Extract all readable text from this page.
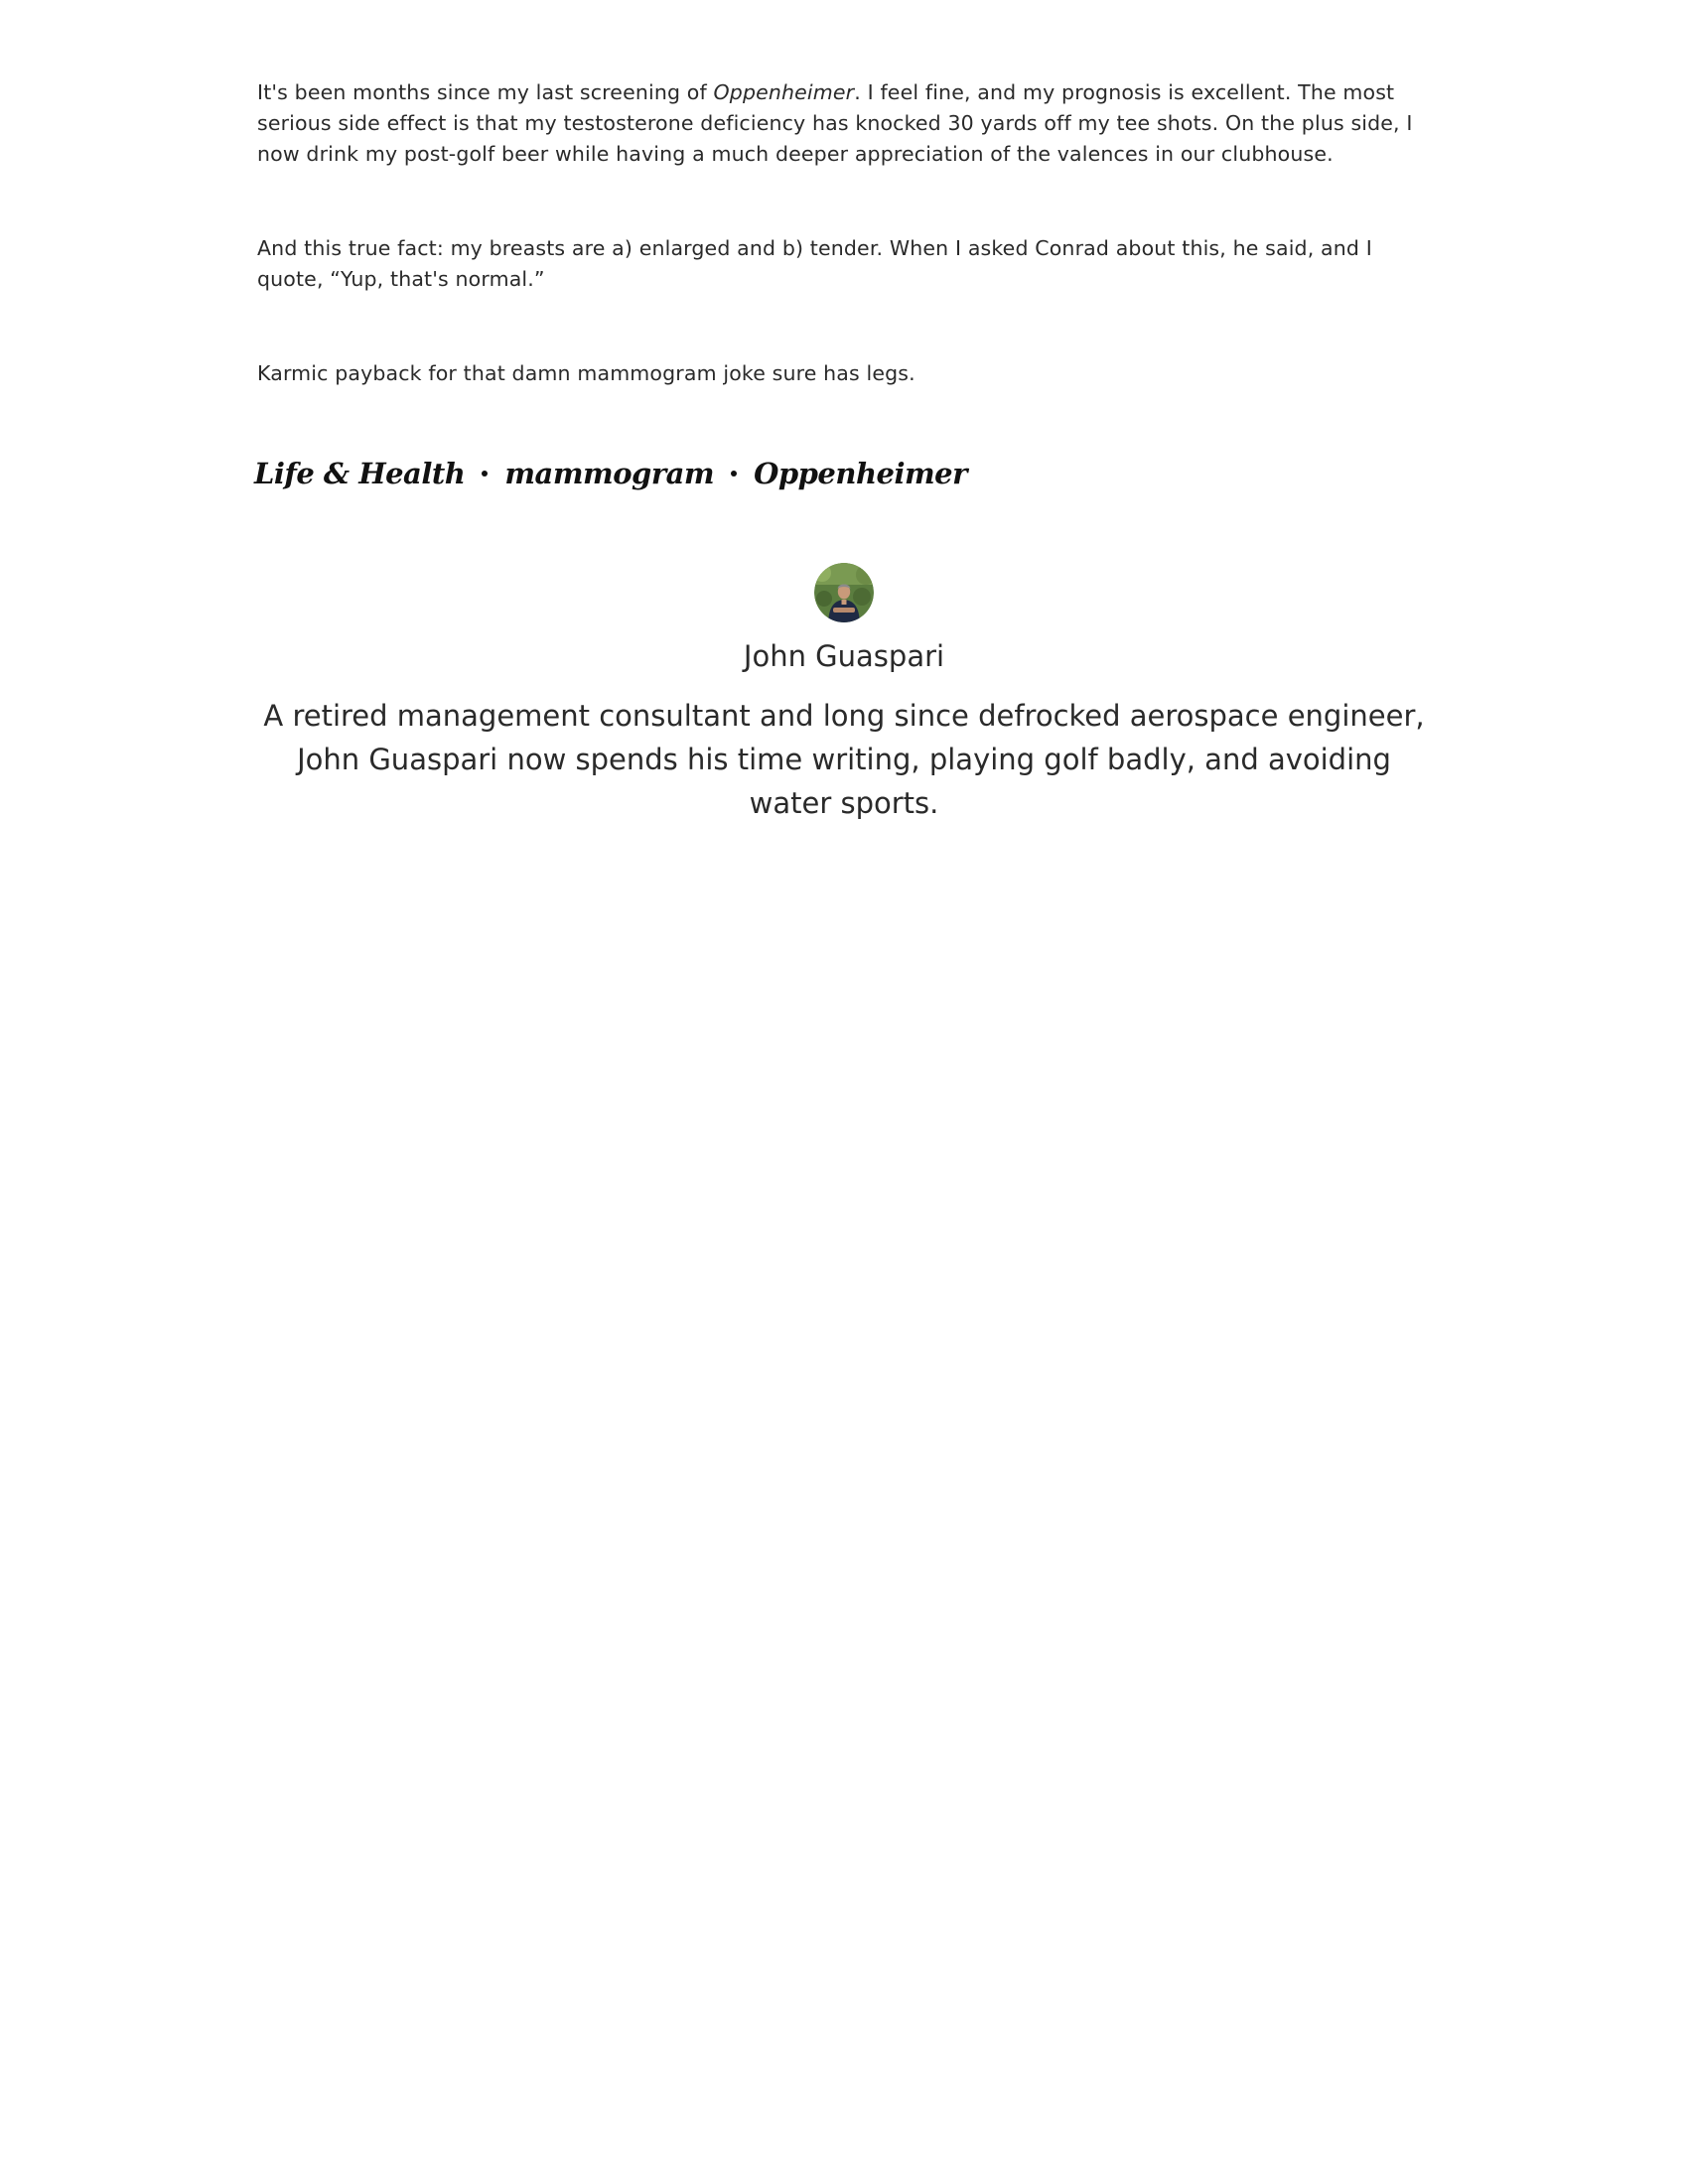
It's been months since my last screening of Oppenheimer. I feel fine, and my prognosis is excellent. The most serious side effect is that my testosterone deficiency has knocked 30 yards off my tee shots. On the plus side, I now drink my post-golf beer while having a much deeper appreciation of the valences in our clubhouse.

And this true fact: my breasts are a) enlarged and b) tender. When I asked Conrad about this, he said, and I quote, “Yup, that's normal.”

Karmic payback for that damn mammogram joke sure has legs.

Life & Health mammogram Oppenheimer
John Guaspari
A retired management consultant and long since defrocked aerospace engineer, John Guaspari now spends his time writing, playing golf badly, and avoiding water sports.
